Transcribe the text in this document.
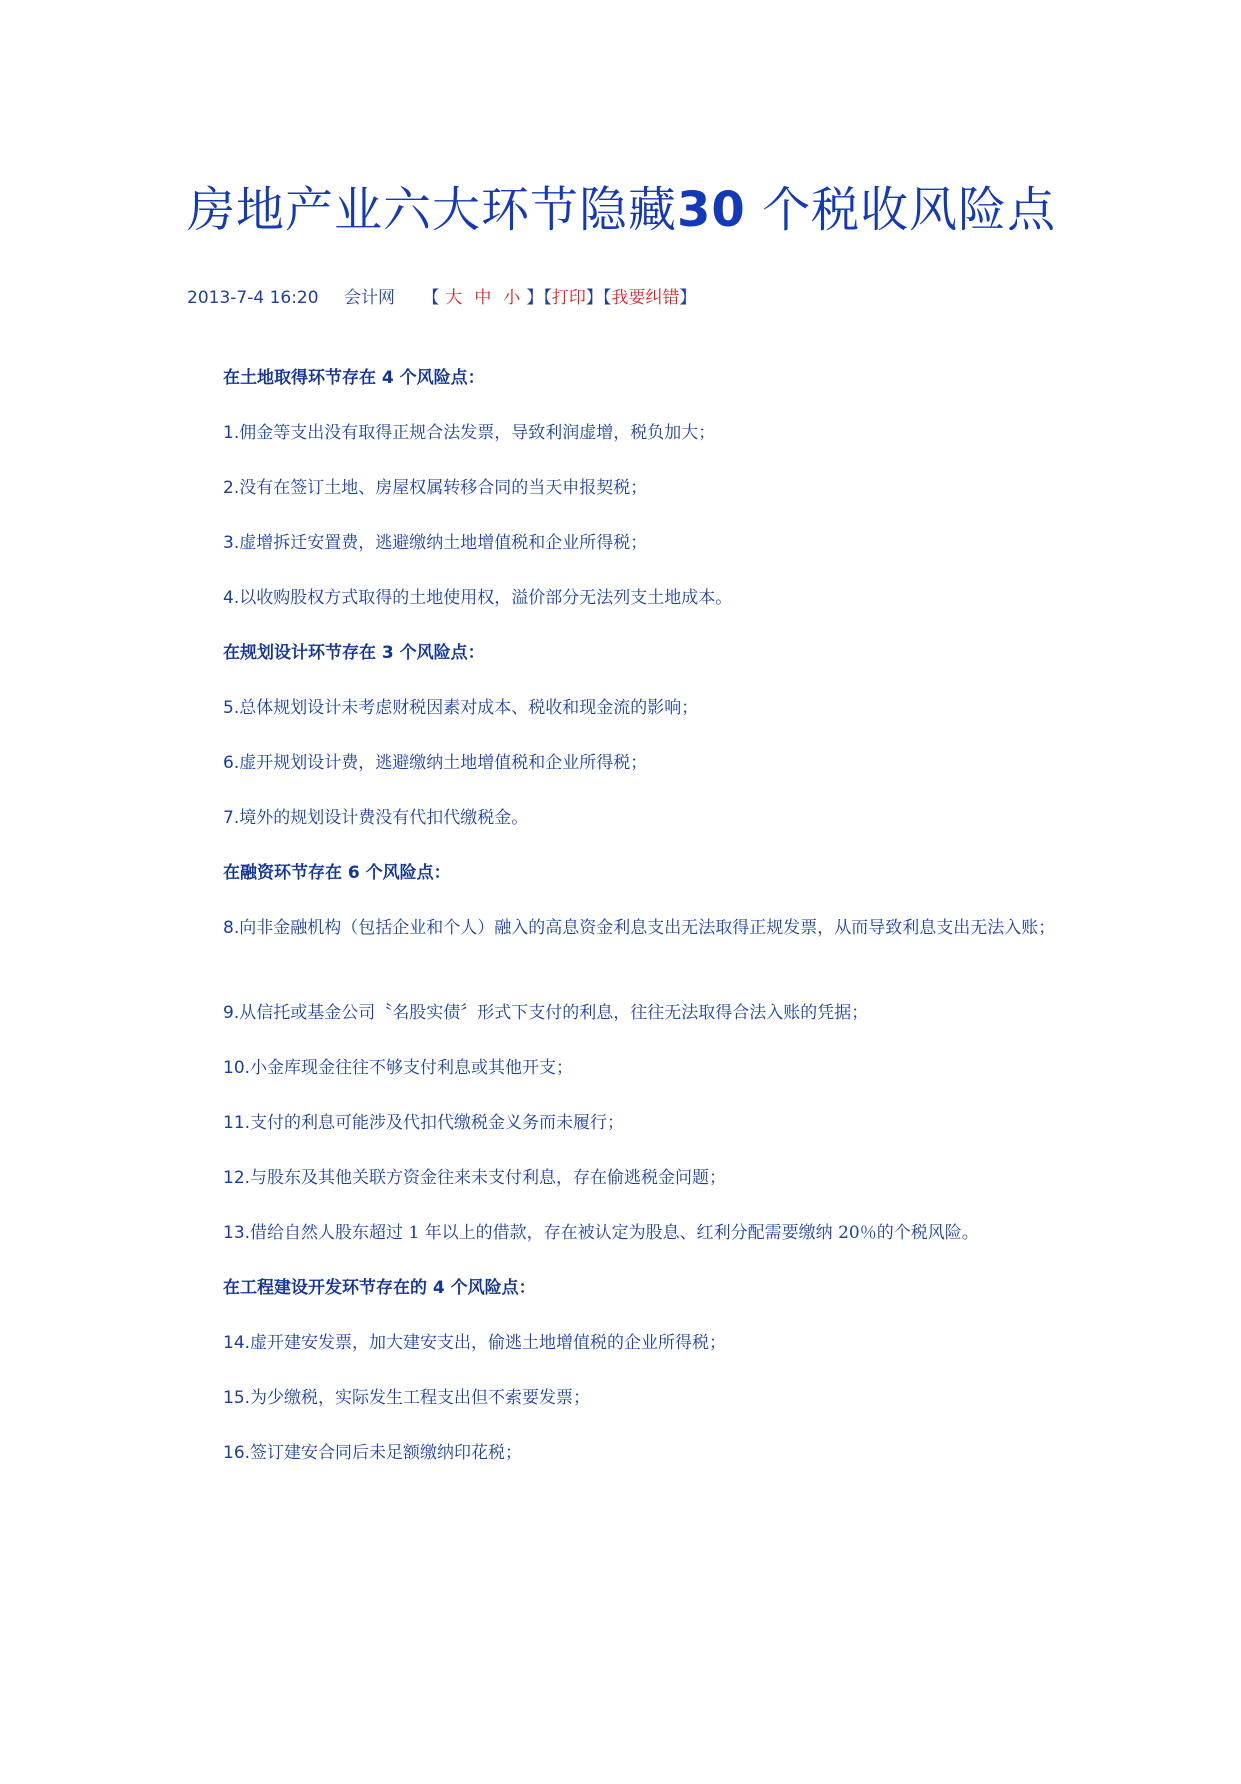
房地产业六大环节隐藏30 个税收风险点
2013-7-4 16:20 会计网 【 大 中 小 】【打印】【我要纠错】
在土地取得环节存在 4 个风险点：
1.佣金等支出没有取得正规合法发票，导致利润虚增，税负加大；
2.没有在签订土地、房屋权属转移合同的当天申报契税；
3.虚增拆迁安置费，逃避缴纳土地增值税和企业所得税；
4.以收购股权方式取得的土地使用权，溢价部分无法列支土地成本。
在规划设计环节存在 3 个风险点：
5.总体规划设计未考虑财税因素对成本、税收和现金流的影响；
6.虚开规划设计费，逃避缴纳土地增值税和企业所得税；
7.境外的规划设计费没有代扣代缴税金。
在融资环节存在 6 个风险点：
8.向非金融机构（包括企业和个人）融入的高息资金利息支出无法取得正规发票，从而导致利息支出无法入账；
9.从信托或基金公司〝名股实债〞形式下支付的利息，往往无法取得合法入账的凭据；
10.小金库现金往往不够支付利息或其他开支；
11.支付的利息可能涉及代扣代缴税金义务而未履行；
12.与股东及其他关联方资金往来未支付利息，存在偷逃税金问题；
13.借给自然人股东超过 1 年以上的借款，存在被认定为股息、红利分配需要缴纳 20％的个税风险。
在工程建设开发环节存在的 4 个风险点：
14.虚开建安发票，加大建安支出，偷逃土地增值税的企业所得税；
15.为少缴税，实际发生工程支出但不索要发票；
16.签订建安合同后未足额缴纳印花税；
